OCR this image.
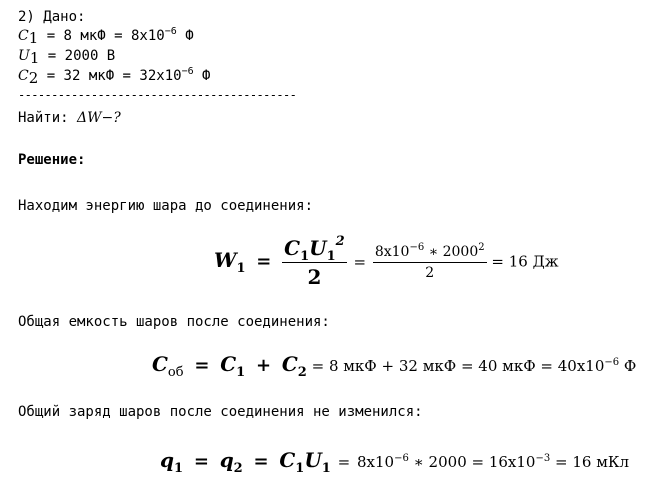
2) Дано:
$C_1 = 8$ мкФ = $8x10^{-6}$ Ф
$U_1 = 2000$ В
$C_2 = 32$ мкФ = $32x10^{-6}$ Ф
------------------------------------------
Найти: ΔW−?
Решение:
Находим энергию шара до соединения:
$W_1 = \frac{C_1U_1^2}{2} = \frac{8x10^{-6} ∗ 2000^2}{2} = 16$ Дж
Общая емкость шаров после соединения:
$C_{об} = C_1 + C_2 = 8$ мкФ + 32 мкФ = 40 мкФ = $40x10^{-6}$ Ф
Общий заряд шаров после соединения не изменился:
$q_1 = q_2 = C_1U_1 = 8x10^{-6}$ ∗ $2000 = 16x10^{-3} = 16$ мКл
